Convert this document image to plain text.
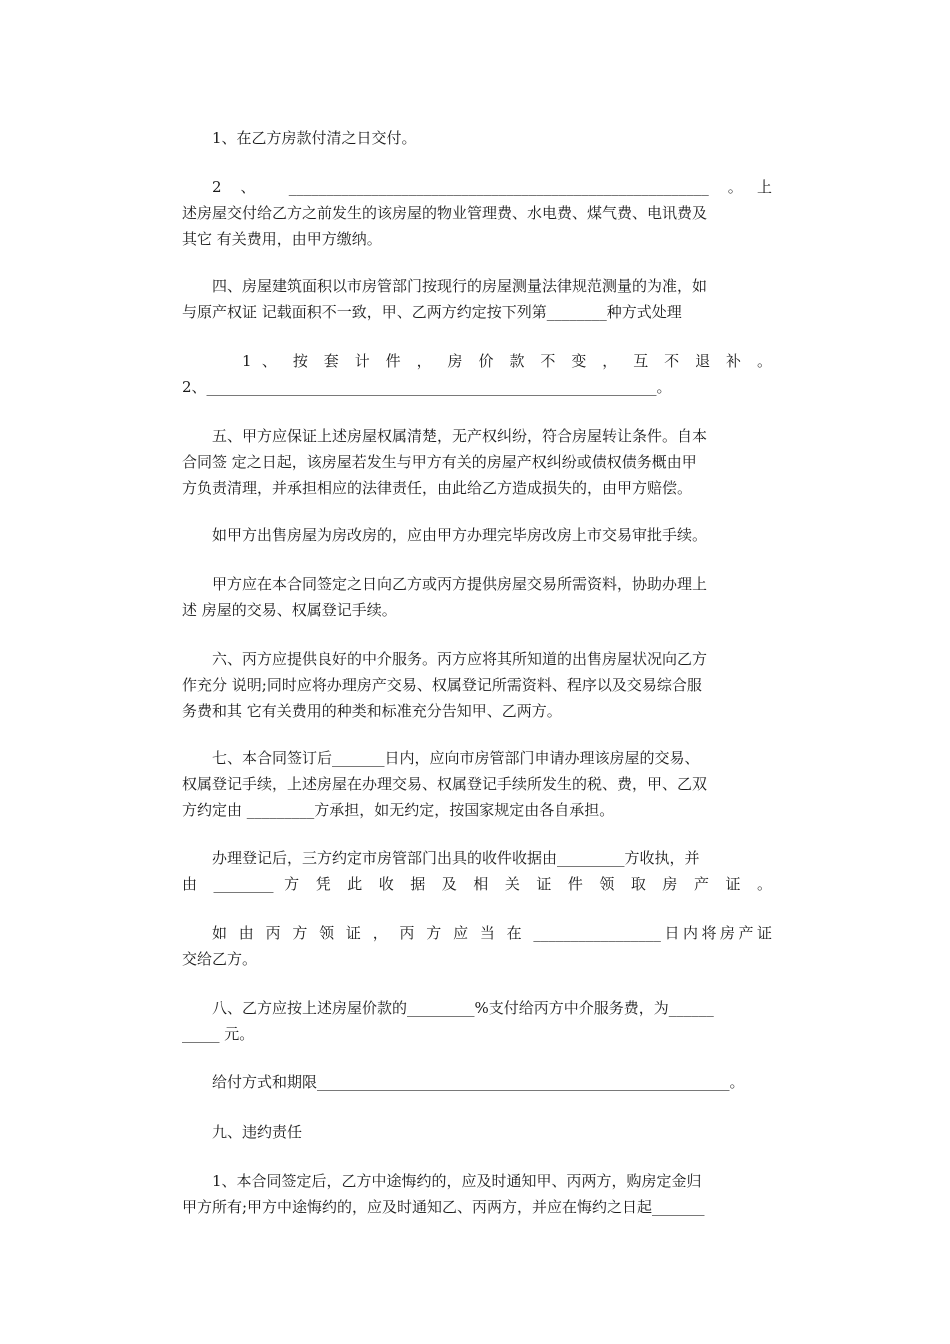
1、在乙方房款付清之日交付。

2 、 ________________________________________________________ 。上
述房屋交付给乙方之前发生的该房屋的物业管理费、水电费、煤气费、电讯费及
其它 有关费用，由甲方缴纳。

四、房屋建筑面积以市房管部门按现行的房屋测量法律规范测量的为准，如
与原产权证 记载面积不一致，甲、乙两方约定按下列第________种方式处理

1 、 按 套 计 件 ， 房 价 款 不 变 ， 互 不 退 补 。
2、____________________________________________________________。

五、甲方应保证上述房屋权属清楚，无产权纠纷，符合房屋转让条件。自本
合同签 定之日起，该房屋若发生与甲方有关的房屋产权纠纷或债权债务概由甲
方负责清理，并承担相应的法律责任，由此给乙方造成损失的，由甲方赔偿。

如甲方出售房屋为房改房的，应由甲方办理完毕房改房上市交易审批手续。

甲方应在本合同签定之日向乙方或丙方提供房屋交易所需资料，协助办理上
述 房屋的交易、权属登记手续。

六、丙方应提供良好的中介服务。丙方应将其所知道的出售房屋状况向乙方
作充分 说明;同时应将办理房产交易、权属登记所需资料、程序以及交易综合服
务费和其 它有关费用的种类和标准充分告知甲、乙两方。

七、本合同签订后_______日内，应向市房管部门申请办理该房屋的交易、
权属登记手续，上述房屋在办理交易、权属登记手续所发生的税、费，甲、乙双
方约定由 _________方承担，如无约定，按国家规定由各自承担。

办理登记后，三方约定市房管部门出具的收件收据由_________方收执，并
由 ________ 方 凭 此 收 据 及 相 关 证 件 领 取 房 产 证 。

如 由 丙 方 领 证 ， 丙 方 应 当 在 _________________日内将房产证
交给乙方。

八、乙方应按上述房屋价款的_________%支付给丙方中介服务费，为______
_____ 元。

给付方式和期限_______________________________________________________。

九、违约责任

1、本合同签定后，乙方中途悔约的，应及时通知甲、丙两方，购房定金归
甲方所有;甲方中途悔约的，应及时通知乙、丙两方，并应在悔约之日起_______
